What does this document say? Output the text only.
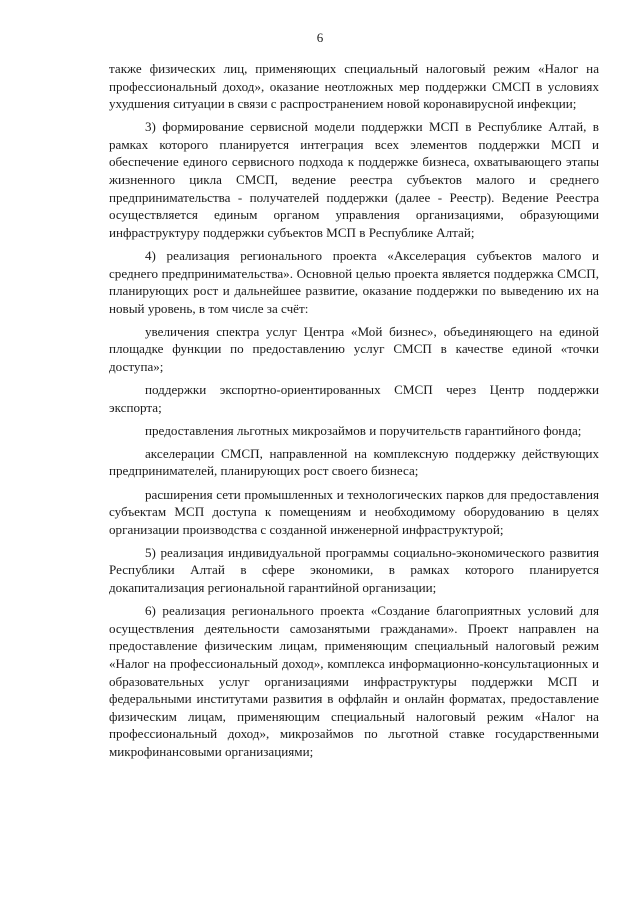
6

также физических лиц, применяющих специальный налоговый режим «Налог на профессиональный доход», оказание неотложных мер поддержки СМСП в условиях ухудшения ситуации в связи с распространением новой коронавирусной инфекции;

3) формирование сервисной модели поддержки МСП в Республике Алтай, в рамках которого планируется интеграция всех элементов поддержки МСП и обеспечение единого сервисного подхода к поддержке бизнеса, охватывающего этапы жизненного цикла СМСП, ведение реестра субъектов малого и среднего предпринимательства - получателей поддержки (далее - Реестр). Ведение Реестра осуществляется единым органом управления организациями, образующими инфраструктуру поддержки субъектов МСП в Республике Алтай;

4) реализация регионального проекта «Акселерация субъектов малого и среднего предпринимательства». Основной целью проекта является поддержка СМСП, планирующих рост и дальнейшее развитие, оказание поддержки по выведению их на новый уровень, в том числе за счёт:

увеличения спектра услуг Центра «Мой бизнес», объединяющего на единой площадке функции по предоставлению услуг СМСП в качестве единой «точки доступа»;

поддержки экспортно-ориентированных СМСП через Центр поддержки экспорта;

предоставления льготных микрозаймов и поручительств гарантийного фонда;

акселерации СМСП, направленной на комплексную поддержку действующих предпринимателей, планирующих рост своего бизнеса;

расширения сети промышленных и технологических парков для предоставления субъектам МСП доступа к помещениям и необходимому оборудованию в целях организации производства с созданной инженерной инфраструктурой;

5) реализация индивидуальной программы социально-экономического развития Республики Алтай в сфере экономики, в рамках которого планируется докапитализация региональной гарантийной организации;

6) реализация регионального проекта «Создание благоприятных условий для осуществления деятельности самозанятыми гражданами». Проект направлен на предоставление физическим лицам, применяющим специальный налоговый режим «Налог на профессиональный доход», комплекса информационно-консультационных и образовательных услуг организациями инфраструктуры поддержки МСП и федеральными институтами развития в оффлайн и онлайн форматах, предоставление физическим лицам, применяющим специальный налоговый режим «Налог на профессиональный доход», микрозаймов по льготной ставке государственными микрофинансовыми организациями;
